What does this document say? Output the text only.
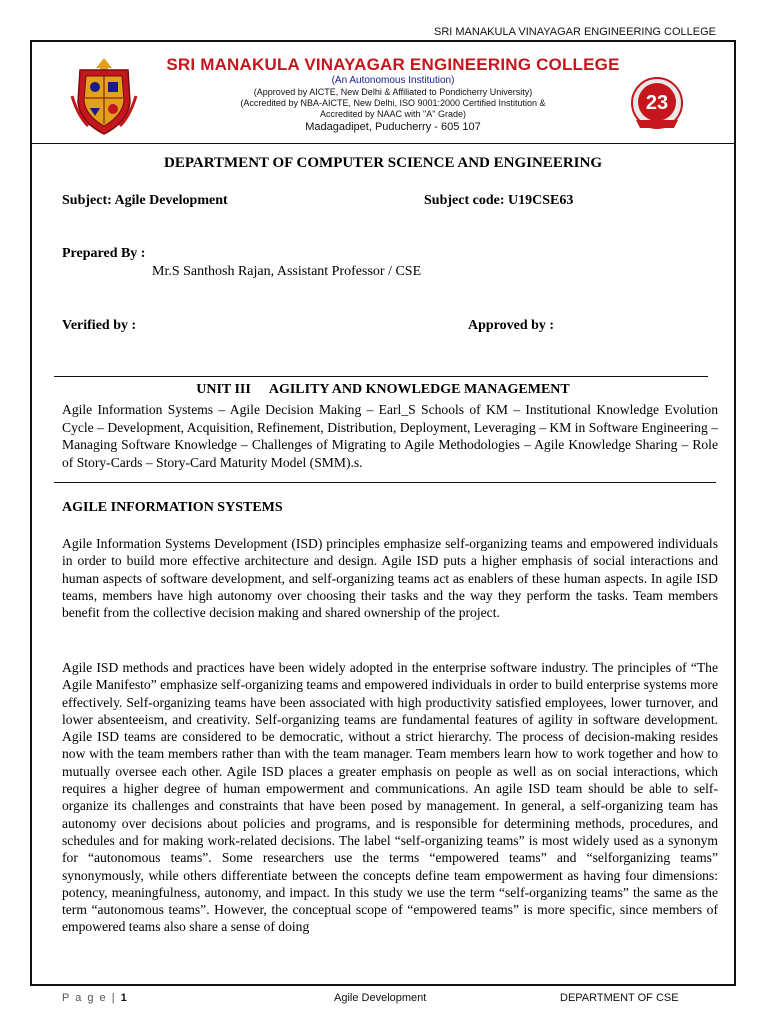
SRI MANAKULA VINAYAGAR ENGINEERING COLLEGE
SRI MANAKULA VINAYAGAR ENGINEERING COLLEGE
(An Autonomous Institution)
(Approved by AICTE, New Delhi & Affiliated to Pondicherry University)
(Accredited by NBA-AICTE, New Delhi, ISO 9001:2000 Certified Institution &
Accredited by NAAC with "A" Grade)
Madagadipet, Puducherry - 605 107
23
DEPARTMENT OF COMPUTER SCIENCE AND ENGINEERING
Subject: Agile Development	Subject code: U19CSE63
Prepared By :
Mr.S Santhosh Rajan, Assistant Professor / CSE
Verified by :	Approved by :
UNIT III AGILITY AND KNOWLEDGE MANAGEMENT
Agile Information Systems – Agile Decision Making – Earl_S Schools of KM – Institutional Knowledge Evolution Cycle – Development, Acquisition, Refinement, Distribution, Deployment, Leveraging – KM in Software Engineering – Managing Software Knowledge – Challenges of Migrating to Agile Methodologies – Agile Knowledge Sharing – Role of Story-Cards – Story-Card Maturity Model (SMM).s.
AGILE INFORMATION SYSTEMS

Agile Information Systems Development (ISD) principles emphasize self-organizing teams and empowered individuals in order to build more effective architecture and design. Agile ISD puts a higher emphasis of social interactions and human aspects of software development, and self-organizing teams act as enablers of these human aspects. In agile ISD teams, members have high autonomy over choosing their tasks and the way they perform the tasks. Team members benefit from the collective decision making and shared ownership of the project.

Agile ISD methods and practices have been widely adopted in the enterprise software industry. The principles of “The Agile Manifesto” emphasize self-organizing teams and empowered individuals in order to build enterprise systems more effectively. Self-organizing teams have been associated with high productivity satisfied employees, lower turnover, and lower absenteeism, and creativity. Self-organizing teams are fundamental features of agility in software development. Agile ISD teams are considered to be democratic, without a strict hierarchy. The process of decision-making resides now with the team members rather than with the team manager. Team members learn how to work together and how to mutually oversee each other. Agile ISD places a greater emphasis on people as well as on social interactions, which requires a higher degree of human empowerment and communications. An agile ISD team should be able to self-organize its challenges and constraints that have been posed by management. In general, a self-organizing team has autonomy over decisions about policies and programs, and is responsible for determining methods, procedures, and schedules and for making work-related decisions. The label “self-organizing teams” is most widely used as a synonym for “autonomous teams”. Some researchers use the terms “empowered teams” and “selforganizing teams” synonymously, while others differentiate between the concepts define team empowerment as having four dimensions: potency, meaningfulness, autonomy, and impact. In this study we use the term “self-organizing teams” the same as the term “autonomous teams”. However, the conceptual scope of “empowered teams” is more specific, since members of empowered teams also share a sense of doing

P a g e | 1	Agile Development	DEPARTMENT OF CSE
